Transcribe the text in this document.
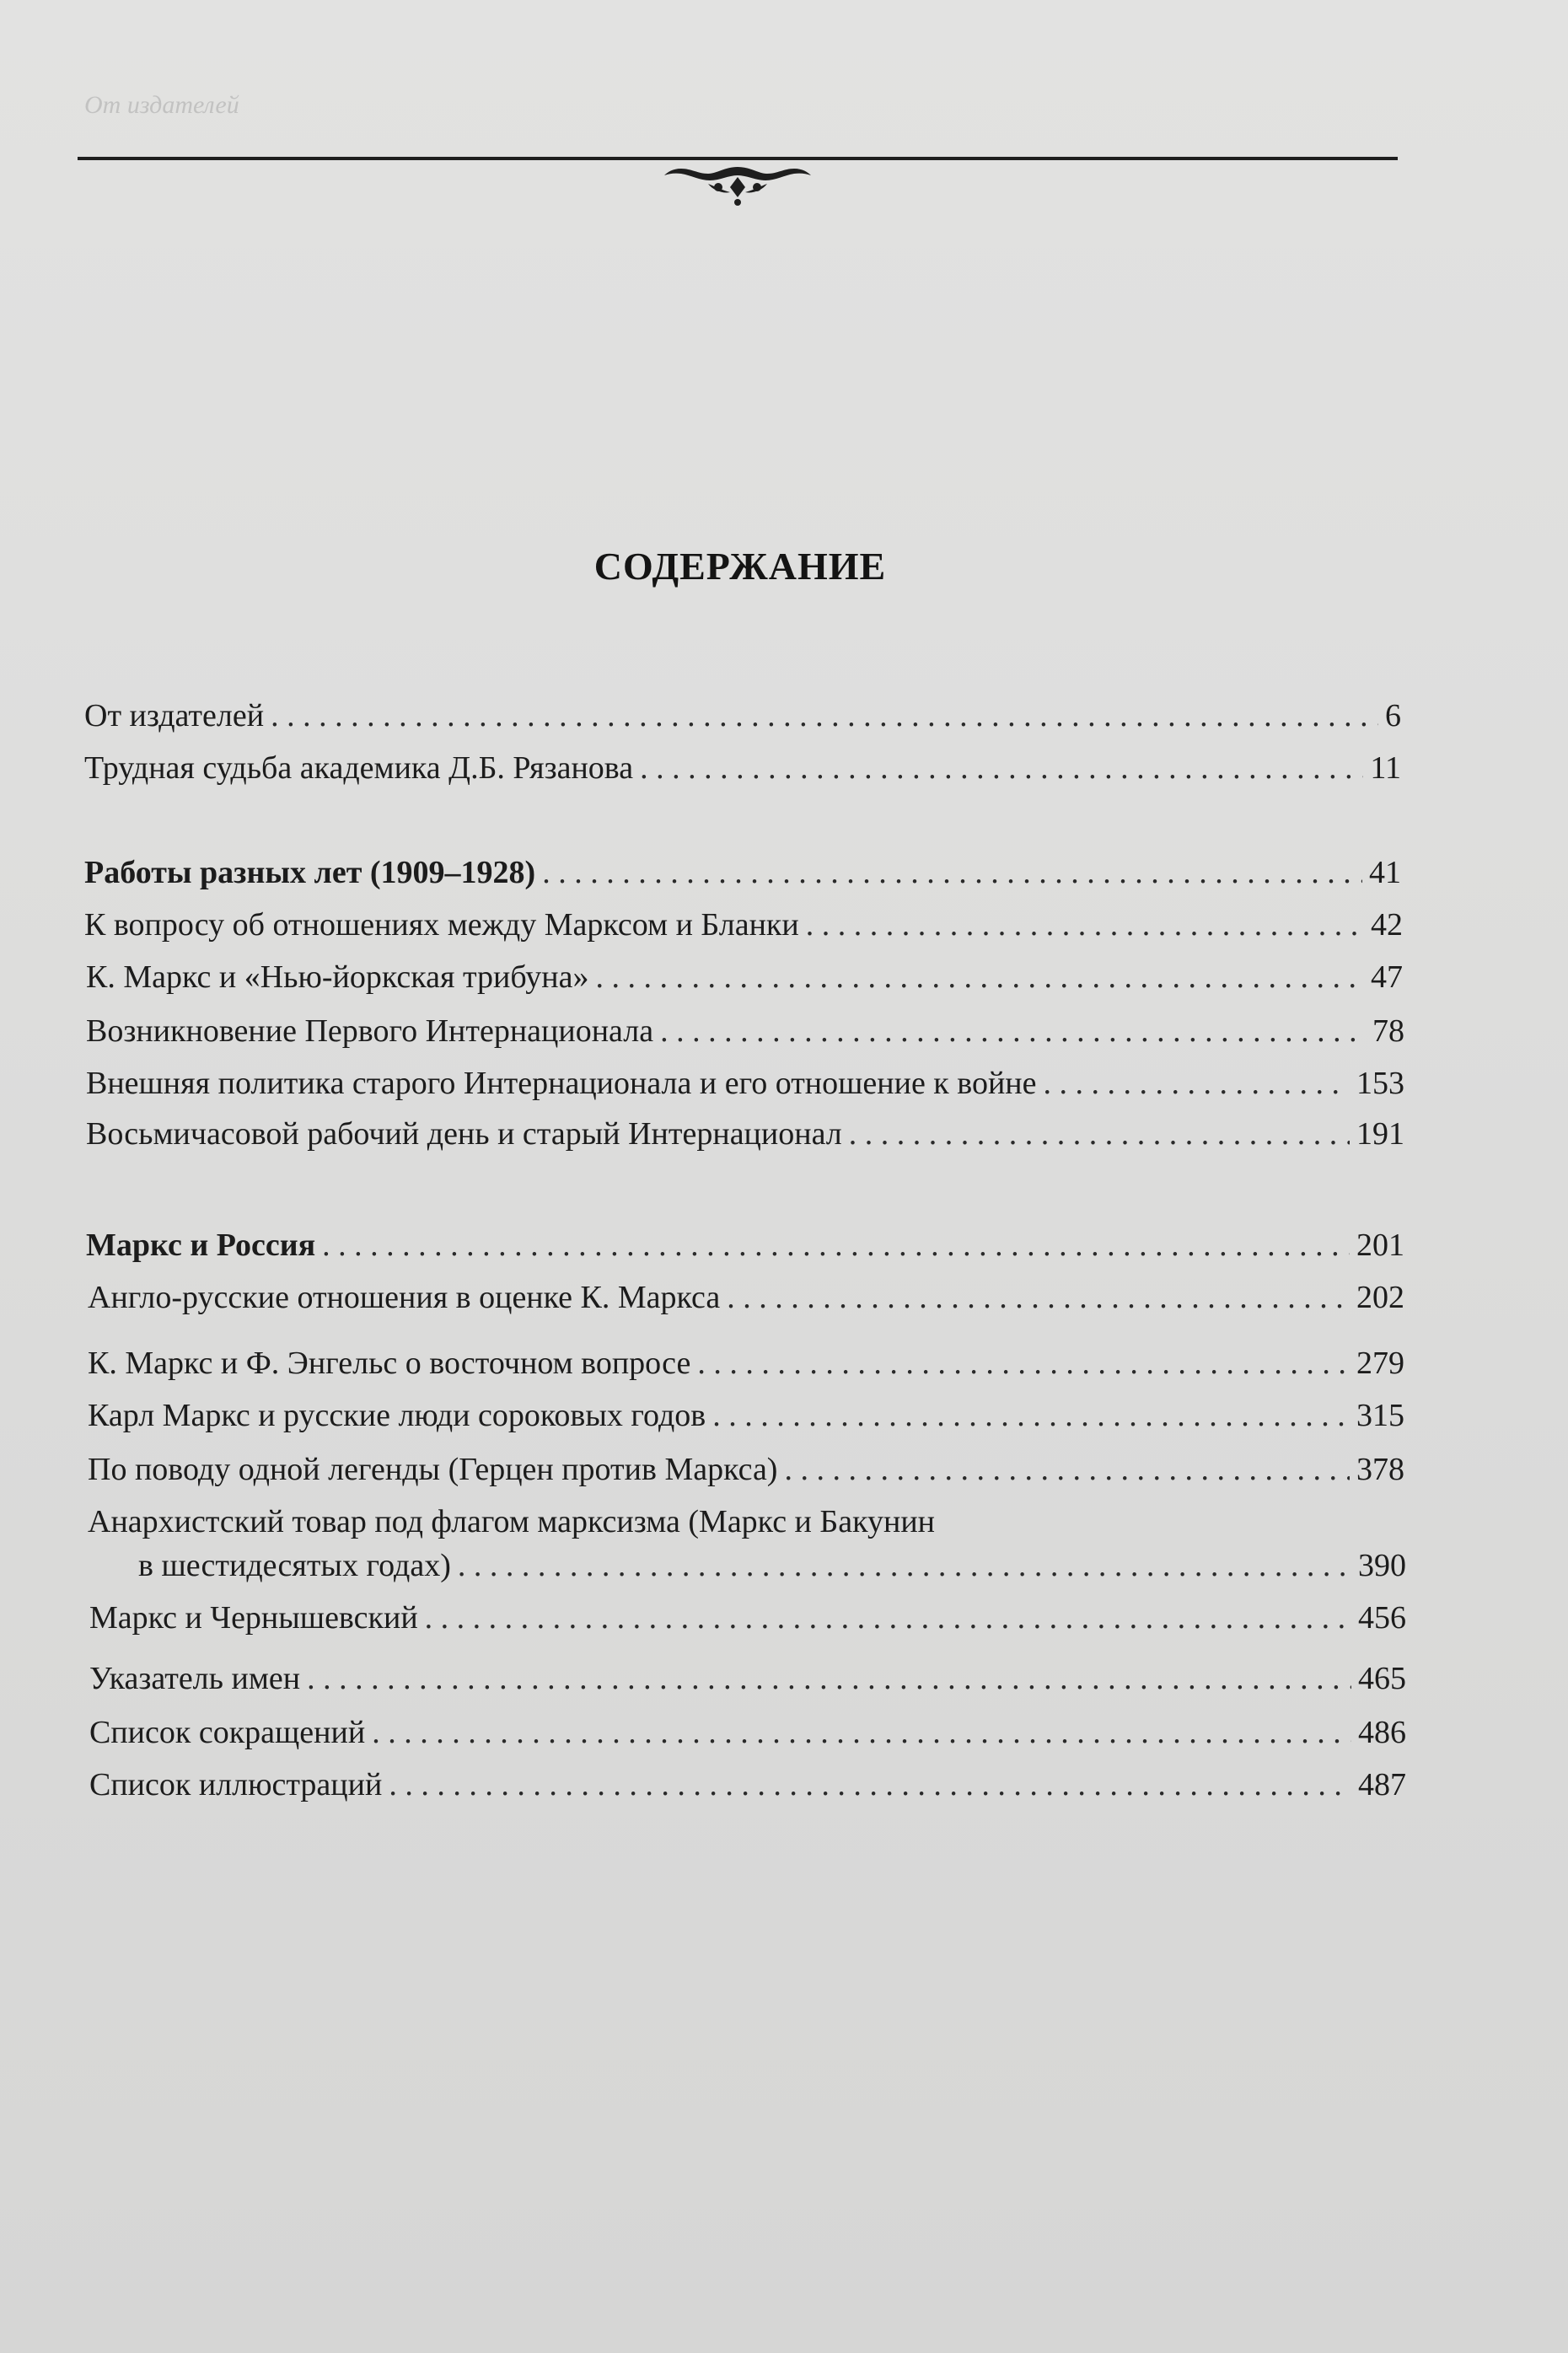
От издателей
СОДЕРЖАНИЕ
От издателей . . .	6
Трудная судьба академика Д.Б. Рязанова . . .	11
Работы разных лет (1909–1928) . . .	41
К вопросу об отношениях между Марксом и Бланки . . .	42
К. Маркс и «Нью-йоркская трибуна» . . .	47
Возникновение Первого Интернационала . . .	78
Внешняя политика старого Интернационала и его отношение к войне . . .	153
Восьмичасовой рабочий день и старый Интернационал . . .	191
Маркс и Россия . . .	201
Англо-русские отношения в оценке К. Маркса . . .	202
К. Маркс и Ф. Энгельс о восточном вопросе . . .	279
Карл Маркс и русские люди сороковых годов . . .	315
По поводу одной легенды (Герцен против Маркса) . . .	378
Анархистский товар под флагом марксизма (Маркс и Бакунин
в шестидесятых годах) . . .	390
Маркс и Чернышевский . . .	456
Указатель имен . . .	465
Список сокращений . . .	486
Список иллюстраций . . .	487
